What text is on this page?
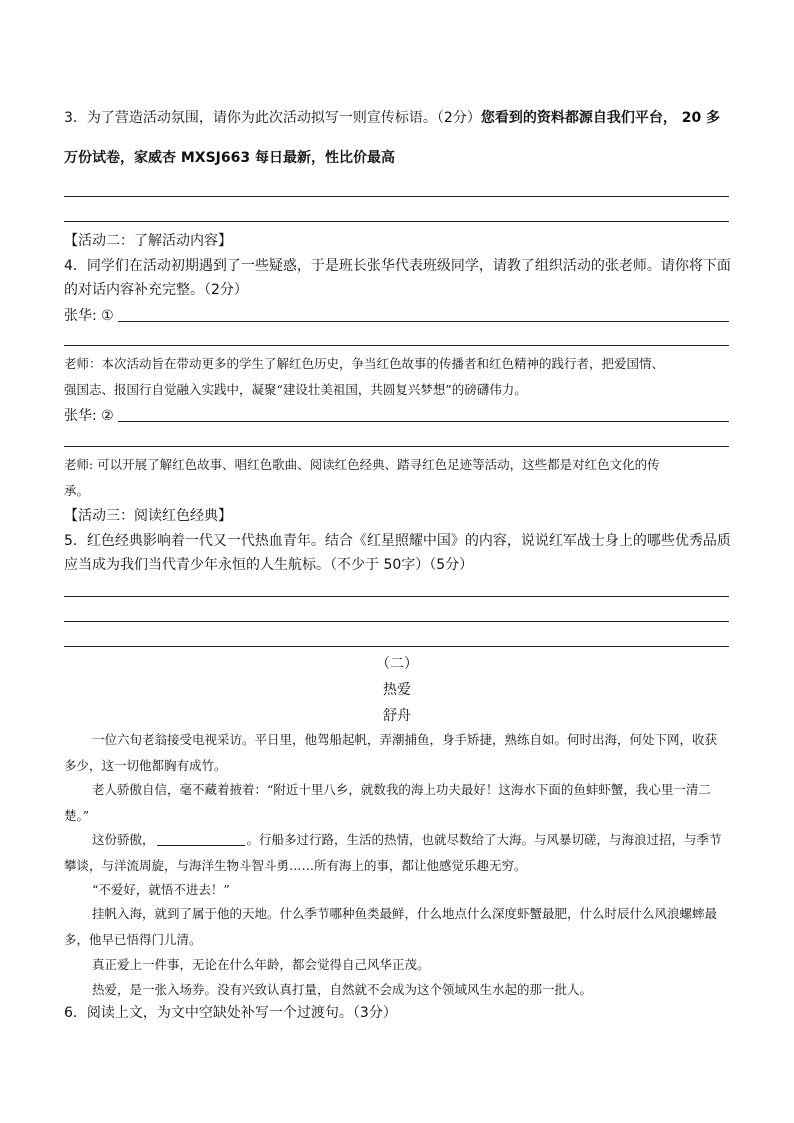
3．为了营造活动氛围，请你为此次活动拟写一则宣传标语。（2分）您看到的资料都源自我们平台， 20 多
万份试卷，家威杏 MXSJ663 每日最新，性比价最高
【活动二：了解活动内容】
4．同学们在活动初期遇到了一些疑惑，于是班长张华代表班级同学，请教了组织活动的张老师。请你将下面
的对话内容补充完整。（2分）
张华: ①
老师：本次活动旨在带动更多的学生了解红色历史，争当红色故事的传播者和红色精神的践行者，把爱国情、
强国志、报国行自觉融入实践中，凝聚“建设壮美祖国，共圆复兴梦想”的磅礴伟力。
张华: ②
老师: 可以开展了解红色故事、唱红色歌曲、阅读红色经典、踏寻红色足迹等活动，这些都是对红色文化的传
承。
【活动三：阅读红色经典】
5．红色经典影响着一代又一代热血青年。结合《红星照耀中国》的内容，说说红军战士身上的哪些优秀品质
应当成为我们当代青少年永恒的人生航标。（不少于 50字）（5分）
（二）
热爱
舒舟
一位六旬老翁接受电视采访。平日里，他驾船起帆，弄潮捕鱼，身手矫捷，熟练自如。何时出海，何处下网，收获多少，这一切他都胸有成竹。
老人骄傲自信，毫不藏着掖着：“附近十里八乡，就数我的海上功夫最好！这海水下面的鱼蚌虾蟹，我心里一清二楚。”
这份骄傲，	。行船多过行路，生活的热情，也就尽数给了大海。与风暴切磋，与海浪过招，与季节攀谈，与洋流周旋，与海洋生物斗智斗勇……所有海上的事，都让他感觉乐趣无穷。
“不爱好，就悟不进去！”
挂帆入海，就到了属于他的天地。什么季节哪种鱼类最鲜，什么地点什么深度虾蟹最肥，什么时辰什么风浪螺蟀最多，他早已悟得门儿清。
真正爱上一件事，无论在什么年龄，都会觉得自己风华正茂。
热爱，是一张入场券。没有兴致认真打量，自然就不会成为这个领域风生水起的那一批人。
6．阅读上文，为文中空缺处补写一个过渡句。（3分）
